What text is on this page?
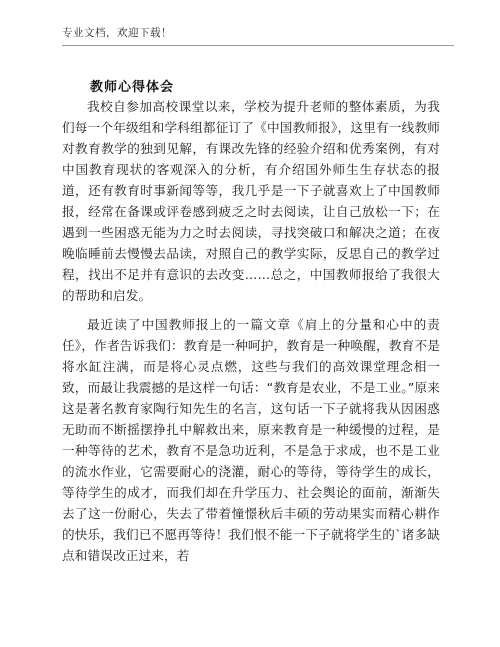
专业文档，欢迎下载！
教师心得体会

我校自参加高校课堂以来，学校为提升老师的整体素质，为我们每一个年级组和学科组都征订了《中国教师报》，这里有一线教师对教育教学的独到见解，有课改先锋的经验介绍和优秀案例，有对中国教育现状的客观深入的分析，有介绍国外师生生存状态的报道，还有教育时事新闻等等，我几乎是一下子就喜欢上了中国教师报，经常在备课或评卷感到疲乏之时去阅读，让自己放松一下；在遇到一些困惑无能为力之时去阅读，寻找突破口和解决之道；在夜晚临睡前去慢慢去品读，对照自己的教学实际，反思自己的教学过程，找出不足并有意识的去改变……总之，中国教师报给了我很大的帮助和启发。

最近读了中国教师报上的一篇文章《肩上的分量和心中的责任》，作者告诉我们：教育是一种呵护，教育是一种唤醒，教育不是将水缸注满，而是将心灵点燃，这些与我们的高效课堂理念相一致，而最让我震撼的是这样一句话：“教育是农业，不是工业。”原来这是著名教育家陶行知先生的名言，这句话一下子就将我从因困惑无助而不断摇摆挣扎中解救出来，原来教育是一种缓慢的过程，是一种等待的艺术，教育不是急功近利，不是急于求成，也不是工业的流水作业，它需要耐心的浇灌，耐心的等待，等待学生的成长，等待学生的成才，而我们却在升学压力、社会舆论的面前，渐渐失去了这一份耐心，失去了带着憧憬秋后丰硕的劳动果实而精心耕作的快乐，我们已不愿再等待！我们恨不能一下子就将学生的`诸多缺点和错误改正过来，若
